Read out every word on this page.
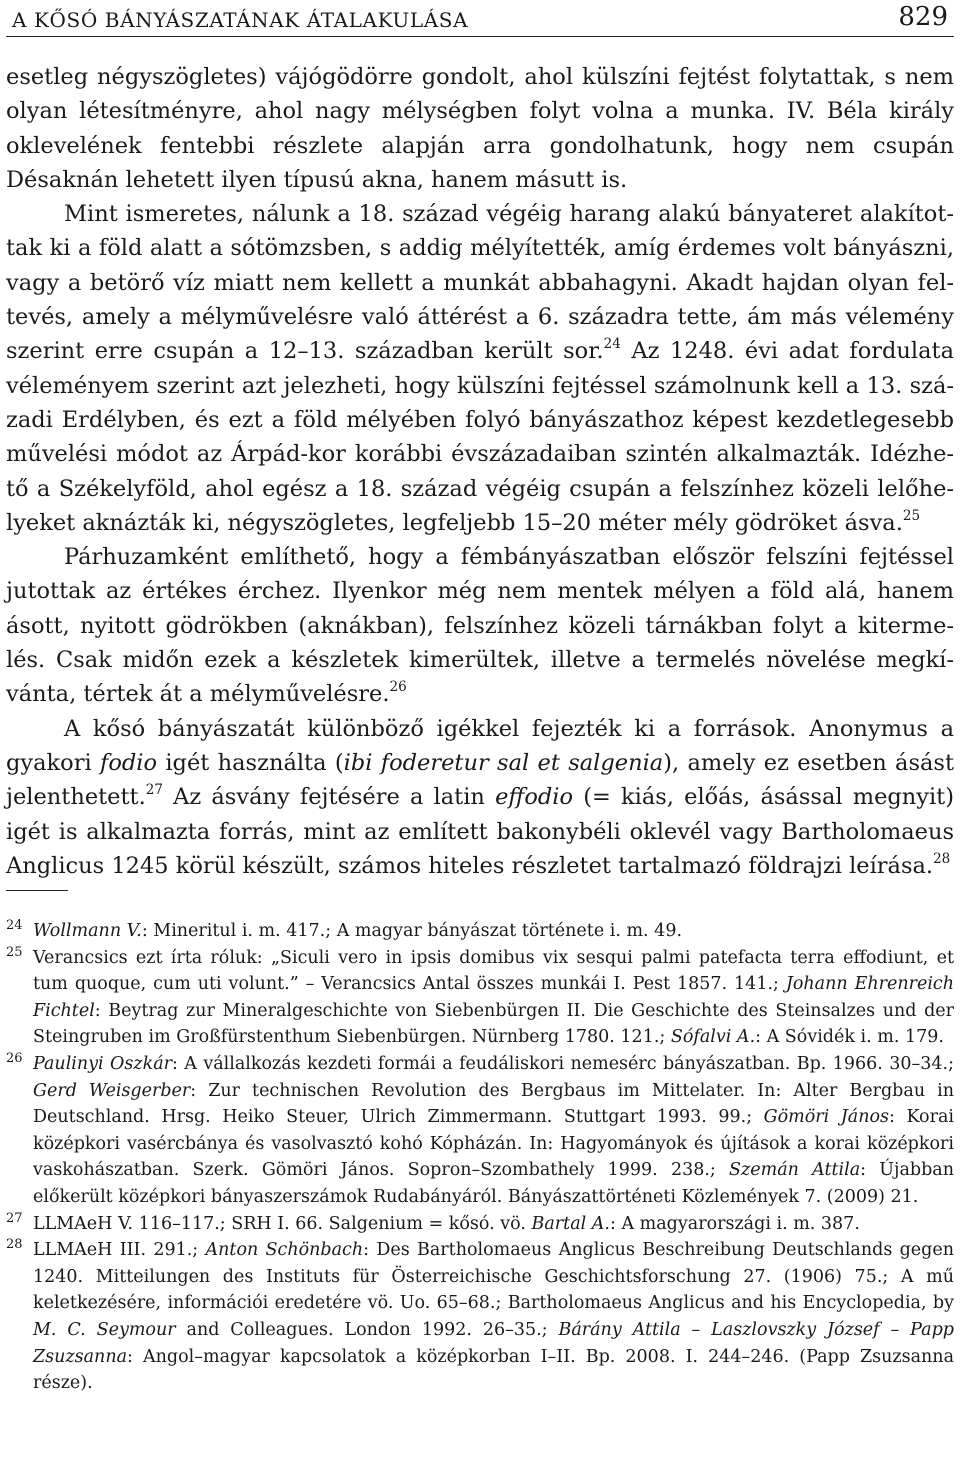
A KŐSÓ BÁNYÁSZATÁNAK ÁTALAKULÁSA	829

esetleg négyszögletes) vájógödörre gondolt, ahol külszíni fejtést folytattak, s nem olyan létesítményre, ahol nagy mélységben folyt volna a munka. IV. Béla király oklevelének fentebbi részlete alapján arra gondolhatunk, hogy nem csupán Désaknán lehetett ilyen típusú akna, hanem másutt is.

Mint ismeretes, nálunk a 18. század végéig harang alakú bányateret alakítot-tak ki a föld alatt a sótömzsben, s addig mélyítették, amíg érdemes volt bányászni, vagy a betörő víz miatt nem kellett a munkát abbahagyni. Akadt hajdan olyan fel-tevés, amely a mélyművelésre való áttérést a 6. századra tette, ám más vélemény szerint erre csupán a 12–13. században került sor.$^{24}$ Az 1248. évi adat fordulata véleményem szerint azt jelezheti, hogy külszíni fejtéssel számolnunk kell a 13. szá-zadi Erdélyben, és ezt a föld mélyében folyó bányászathoz képest kezdetlegesebb művelési módot az Árpád-kor korábbi évszázadaiban szintén alkalmazták. Idézhe-tő a Székelyföld, ahol egész a 18. század végéig csupán a felszínhez közeli lelőhe-lyeket aknázták ki, négyszögletes, legfeljebb 15–20 méter mély gödröket ásva.$^{25}$

Párhuzamként említhető, hogy a fémbányászatban először felszíni fejtéssel jutottak az értékes érchez. Ilyenkor még nem mentek mélyen a föld alá, hanem ásott, nyitott gödrökben (aknákban), felszínhez közeli tárnákban folyt a kiterme-lés. Csak midőn ezek a készletek kimerültek, illetve a termelés növelése megkí-vánta, tértek át a mélyművelésre.$^{26}$

A kősó bányászatát különböző igékkel fejezték ki a források. Anonymus a gyakori fodio igét használta (ibi foderetur sal et salgenia), amely ez esetben ásást jelenthetett.$^{27}$ Az ásvány fejtésére a latin effodio (= kiás, előás, ásással megnyit) igét is alkalmazta forrás, mint az említett bakonybéli oklevél vagy Bartholomaeus Anglicus 1245 körül készült, számos hiteles részletet tartalmazó földrajzi leírása.$^{28}$

24 Wollmann V.: Mineritul i. m. 417.; A magyar bányászat története i. m. 49.
25 Verancsics ezt írta róluk: „Siculi vero in ipsis domibus vix sesqui palmi patefacta terra effodiunt, et tum quoque, cum uti volunt.” – Verancsics Antal összes munkái I. Pest 1857. 141.; Johann Ehrenreich Fichtel: Beytrag zur Mineralgeschichte von Siebenbürgen II. Die Geschichte des Steinsalzes und der Steingruben im Großfürstenthum Siebenbürgen. Nürnberg 1780. 121.; Sófalvi A.: A Sóvidék i. m. 179.
26 Paulinyi Oszkár: A vállalkozás kezdeti formái a feudáliskori nemesérc bányászatban. Bp. 1966. 30–34.; Gerd Weisgerber: Zur technischen Revolution des Bergbaus im Mittelater. In: Alter Bergbau in Deutschland. Hrsg. Heiko Steuer, Ulrich Zimmermann. Stuttgart 1993. 99.; Gömöri János: Korai középkori vasércbánya és vasolvasztó kohó Kópházán. In: Hagyományok és újítások a korai középkori vaskohászatban. Szerk. Gömöri János. Sopron–Szombathely 1999. 238.; Szemán Attila: Újabban előkerült középkori bányaszerszámok Rudabányáról. Bányászattörténeti Közlemények 7. (2009) 21.
27 LLMAeH V. 116–117.; SRH I. 66. Salgenium = kősó. vö. Bartal A.: A magyarországi i. m. 387.
28 LLMAeH III. 291.; Anton Schönbach: Des Bartholomaeus Anglicus Beschreibung Deutschlands gegen 1240. Mitteilungen des Instituts für Österreichische Geschichtsforschung 27. (1906) 75.; A mű keletkezésére, információi eredetére vö. Uo. 65–68.; Bartholomaeus Anglicus and his Encyclopedia, by M. C. Seymour and Colleagues. London 1992. 26–35.; Bárány Attila – Laszlovszky József – Papp Zsuzsanna: Angol–magyar kapcsolatok a középkorban I–II. Bp. 2008. I. 244–246. (Papp Zsuzsanna része).
